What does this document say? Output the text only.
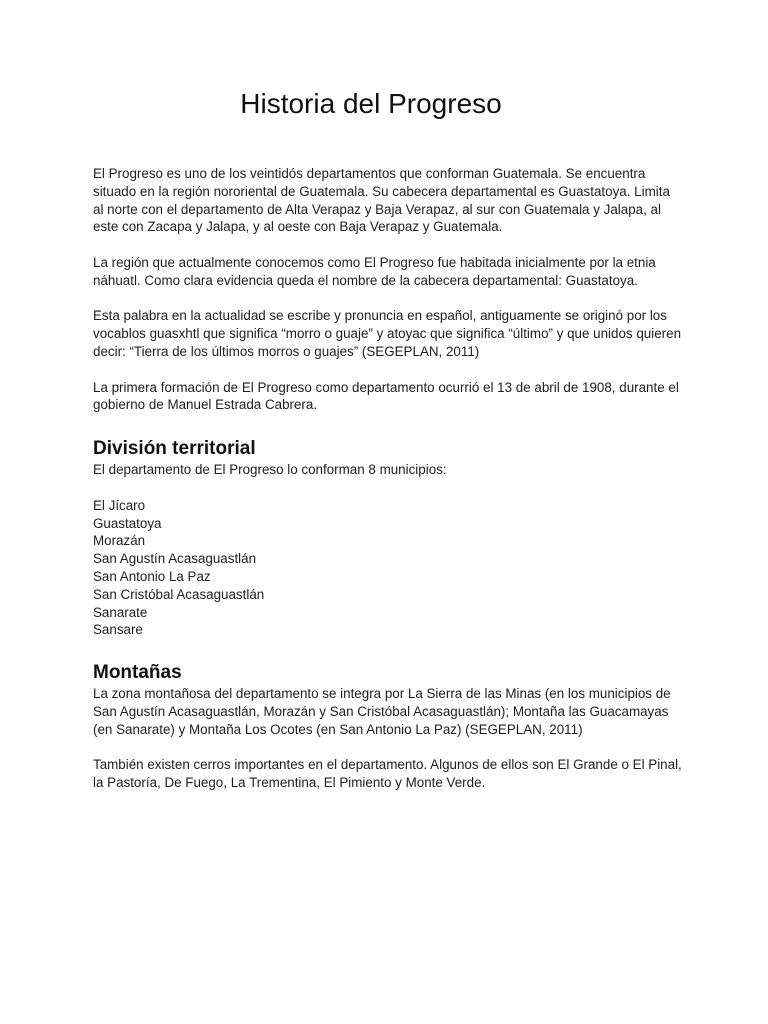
Historia del Progreso

El Progreso es uno de los veintidós departamentos que conforman Guatemala. Se encuentra situado en la región nororiental de Guatemala. Su cabecera departamental es Guastatoya. Limita al norte con el departamento de Alta Verapaz y Baja Verapaz, al sur con Guatemala y Jalapa, al este con Zacapa y Jalapa, y al oeste con Baja Verapaz y Guatemala.

La región que actualmente conocemos como El Progreso fue habitada inicialmente por la etnia náhuatl. Como clara evidencia queda el nombre de la cabecera departamental: Guastatoya.

Esta palabra en la actualidad se escribe y pronuncia en español, antiguamente se originó por los vocablos guasxhtl que significa “morro o guaje” y atoyac que significa “último” y que unidos quieren decir: “Tierra de los últimos morros o guajes” (SEGEPLAN, 2011)

La primera formación de El Progreso como departamento ocurrió el 13 de abril de 1908, durante el gobierno de Manuel Estrada Cabrera.

División territorial

El departamento de El Progreso lo conforman 8 municipios:

El Jícaro
Guastatoya
Morazán
San Agustín Acasaguastlán
San Antonio La Paz
San Cristóbal Acasaguastlán
Sanarate
Sansare
Montañas

La zona montañosa del departamento se integra por La Sierra de las Minas (en los municipios de San Agustín Acasaguastlán, Morazán y San Cristóbal Acasaguastlán); Montaña las Guacamayas (en Sanarate) y Montaña Los Ocotes (en San Antonio La Paz) (SEGEPLAN, 2011)

También existen cerros importantes en el departamento. Algunos de ellos son El Grande o El Pinal, la Pastoría, De Fuego, La Trementina, El Pimiento y Monte Verde.
